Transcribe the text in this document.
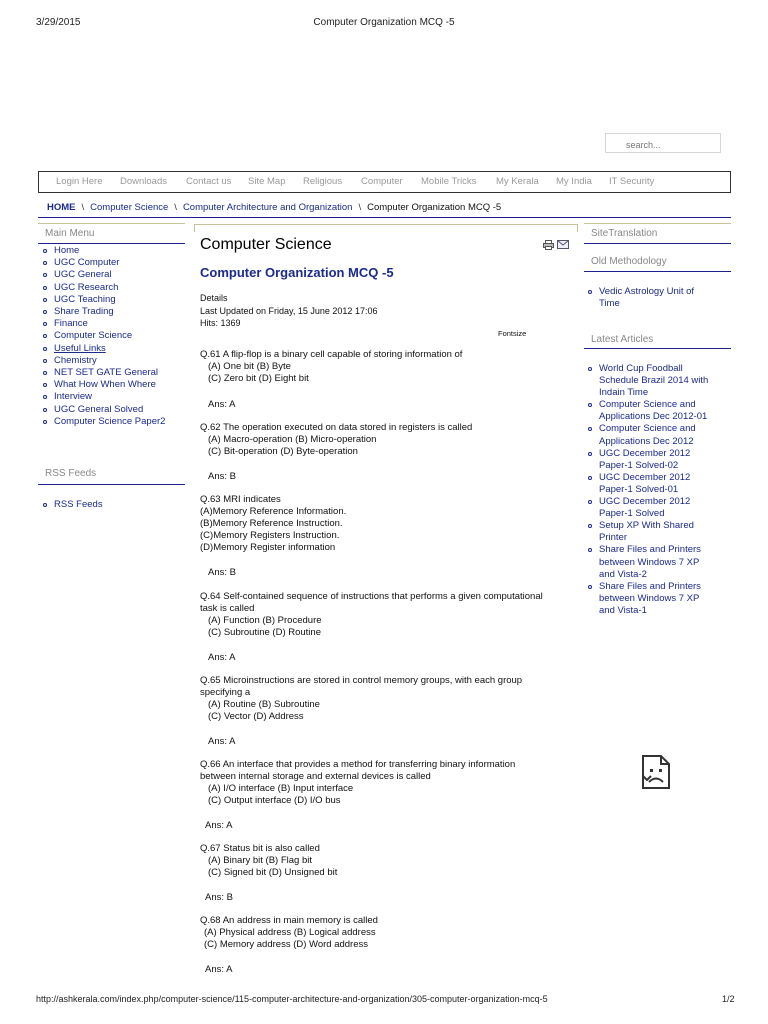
3/29/2015	Computer Organization MCQ -5
search...
Login Here Downloads Contact us Site Map Religious Computer Mobile Tricks My Kerala My India IT Security
HOME \ Computer Science \ Computer Architecture and Organization \ Computer Organization MCQ -5
Main Menu
Home
UGC Computer
UGC General
UGC Research
UGC Teaching
Share Trading
Finance
Computer Science
Useful Links
Chemistry
NET SET GATE General
What How When Where
Interview
UGC General Solved
Computer Science Paper2
RSS Feeds
RSS Feeds
Computer Science
Computer Organization MCQ -5
Details
Last Updated on Friday, 15 June 2012 17:06
Hits: 1369
Fontsize
Q.61 A flip-flop is a binary cell capable of storing information of
(A) One bit (B) Byte
(C) Zero bit (D) Eight bit
Ans: A
Q.62 The operation executed on data stored in registers is called
(A) Macro-operation (B) Micro-operation
(C) Bit-operation (D) Byte-operation
Ans: B
Q.63 MRI indicates
(A)Memory Reference Information.
(B)Memory Reference Instruction.
(C)Memory Registers Instruction.
(D)Memory Register information
Ans: B
Q.64 Self-contained sequence of instructions that performs a given computational
task is called
(A) Function (B) Procedure
(C) Subroutine (D) Routine
Ans: A
Q.65 Microinstructions are stored in control memory groups, with each group
specifying a
(A) Routine (B) Subroutine
(C) Vector (D) Address
Ans: A
Q.66 An interface that provides a method for transferring binary information
between internal storage and external devices is called
(A) I/O interface (B) Input interface
(C) Output interface (D) I/O bus
Ans: A
Q.67 Status bit is also called
(A) Binary bit (B) Flag bit
(C) Signed bit (D) Unsigned bit
Ans: B
Q.68 An address in main memory is called
(A) Physical address (B) Logical address
(C) Memory address (D) Word address
Ans: A
SiteTranslation
Old Methodology
Vedic Astrology Unit of Time
Latest Articles
World Cup Foodball Schedule Brazil 2014 with Indain Time
Computer Science and Applications Dec 2012-01
Computer Science and Applications Dec 2012
UGC December 2012 Paper-1 Solved-02
UGC December 2012 Paper-1 Solved-01
UGC December 2012 Paper-1 Solved
Setup XP With Shared Printer
Share Files and Printers between Windows 7 XP and Vista-2
Share Files and Printers between Windows 7 XP and Vista-1
http://ashkerala.com/index.php/computer-science/115-computer-architecture-and-organization/305-computer-organization-mcq-5	1/2
